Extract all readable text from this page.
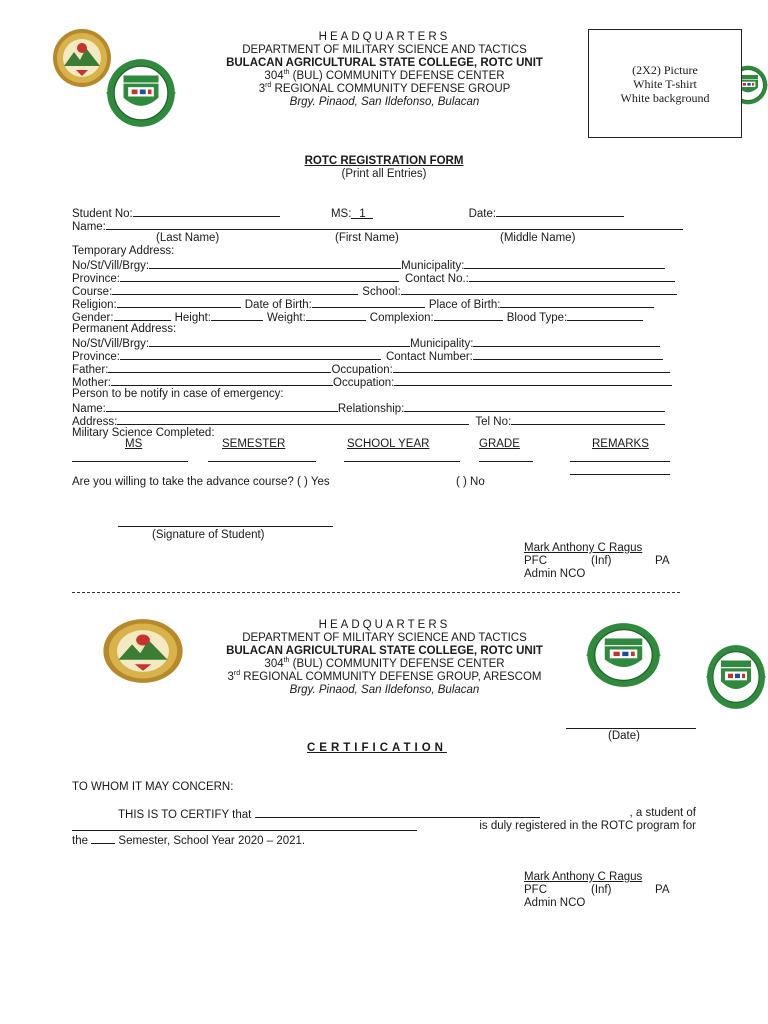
HEADQUARTERS
DEPARTMENT OF MILITARY SCIENCE AND TACTICS
BULACAN AGRICULTURAL STATE COLLEGE, ROTC UNIT
304th (BUL) COMMUNITY DEFENSE CENTER
3rd REGIONAL COMMUNITY DEFENSE GROUP
Brgy. Pinaod, San Ildefonso, Bulacan
(2X2) Picture
White T-shirt
White background
ROTC REGISTRATION FORM
(Print all Entries)
Student No:	MS: 1	Date:
Name:
(Last Name)	(First Name)	(Middle Name)
Temporary Address:
No/St/Vill/Brgy:	Municipality:
Province:	Contact No.:
Course:	School:
Religion:	Date of Birth:	Place of Birth:
Gender:	Height:	Weight:	Complexion:	Blood Type:
Permanent Address:
No/St/Vill/Brgy:	Municipality:
Province:	Contact Number:
Father:	Occupation:
Mother:	Occupation:
Person to be notify in case of emergency:
Name:	Relationship:
Address:	Tel No:
Military Science Completed:
MS	SEMESTER	SCHOOL YEAR	GRADE	REMARKS
Are you willing to take the advance course? ( ) Yes	( ) No
(Signature of Student)
Mark Anthony C Ragus
PFC	(Inf)	PA
Admin NCO
HEADQUARTERS
DEPARTMENT OF MILITARY SCIENCE AND TACTICS
BULACAN AGRICULTURAL STATE COLLEGE, ROTC UNIT
304th (BUL) COMMUNITY DEFENSE CENTER
3rd REGIONAL COMMUNITY DEFENSE GROUP, ARESCOM
Brgy. Pinaod, San Ildefonso, Bulacan
(Date)
CERTIFICATION
TO WHOM IT MAY CONCERN:
THIS IS TO CERTIFY that	, a student of
is duly registered in the ROTC program for
the	Semester, School Year 2020 – 2021.
Mark Anthony C Ragus
PFC	(Inf)	PA
Admin NCO
